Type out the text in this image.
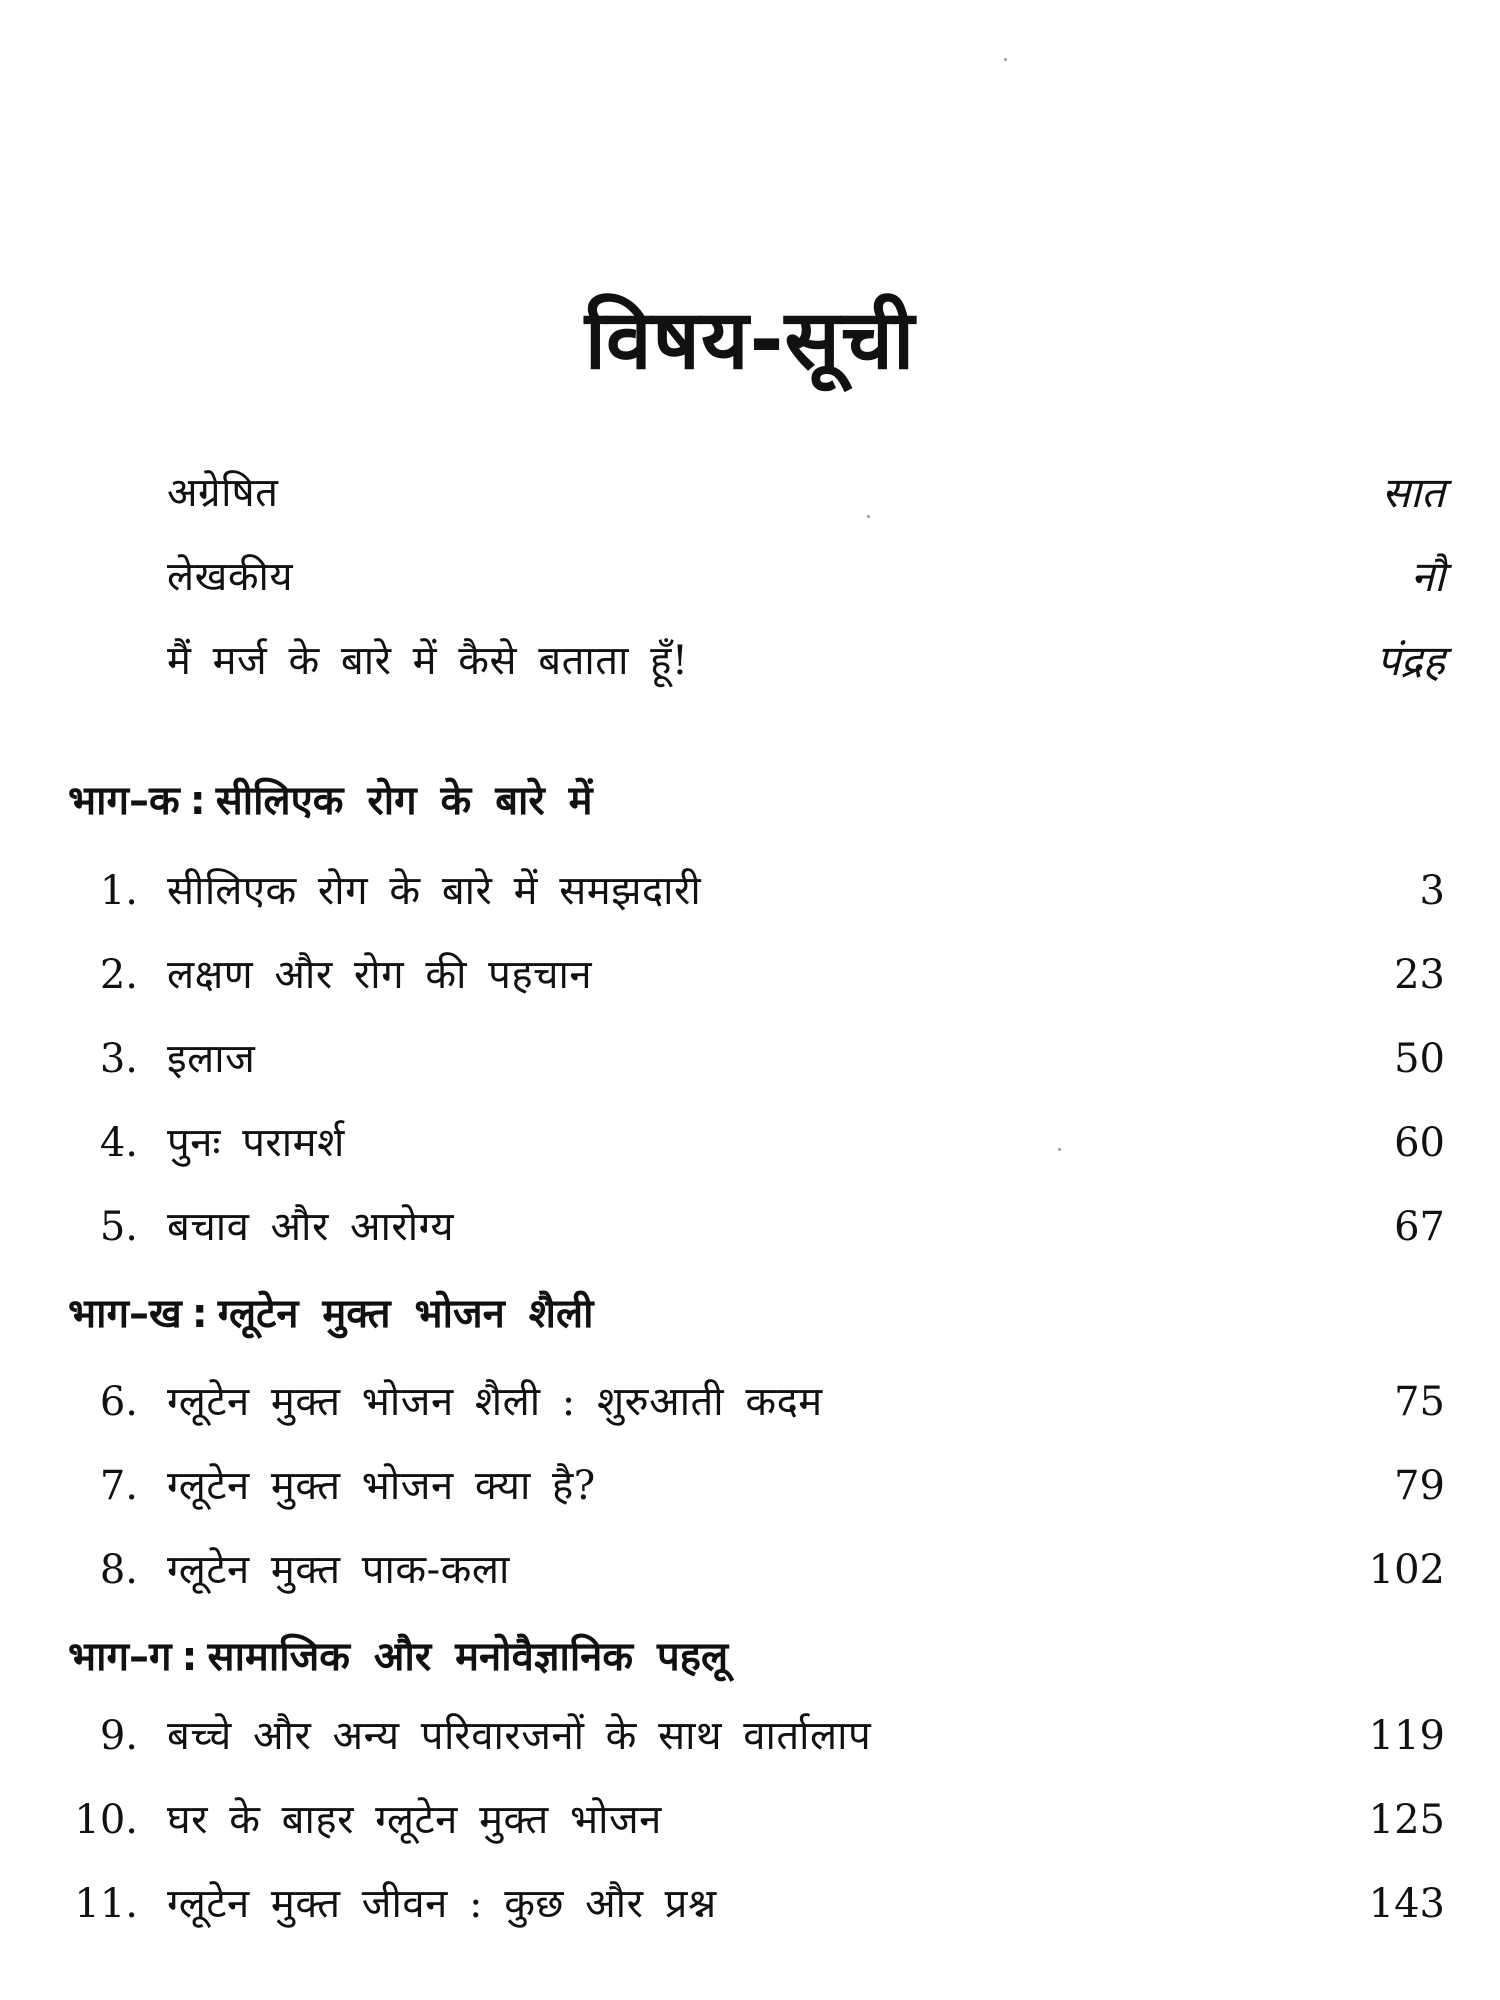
विषय-सूची
अग्रेषित	सात
लेखकीय	नौ
मैं मर्ज के बारे में कैसे बताता हूँ!	पंद्रह
भाग–क : सीलिएक रोग के बारे में
1. सीलिएक रोग के बारे में समझदारी	3
2. लक्षण और रोग की पहचान	23
3. इलाज	50
4. पुनः परामर्श	60
5. बचाव और आरोग्य	67
भाग–ख : ग्लूटेन मुक्त भोजन शैली
6. ग्लूटेन मुक्त भोजन शैली : शुरुआती कदम	75
7. ग्लूटेन मुक्त भोजन क्या है?	79
8. ग्लूटेन मुक्त पाक-कला	102
भाग–ग : सामाजिक और मनोवैज्ञानिक पहलू
9. बच्चे और अन्य परिवारजनों के साथ वार्तालाप	119
10. घर के बाहर ग्लूटेन मुक्त भोजन	125
11. ग्लूटेन मुक्त जीवन : कुछ और प्रश्न	143
